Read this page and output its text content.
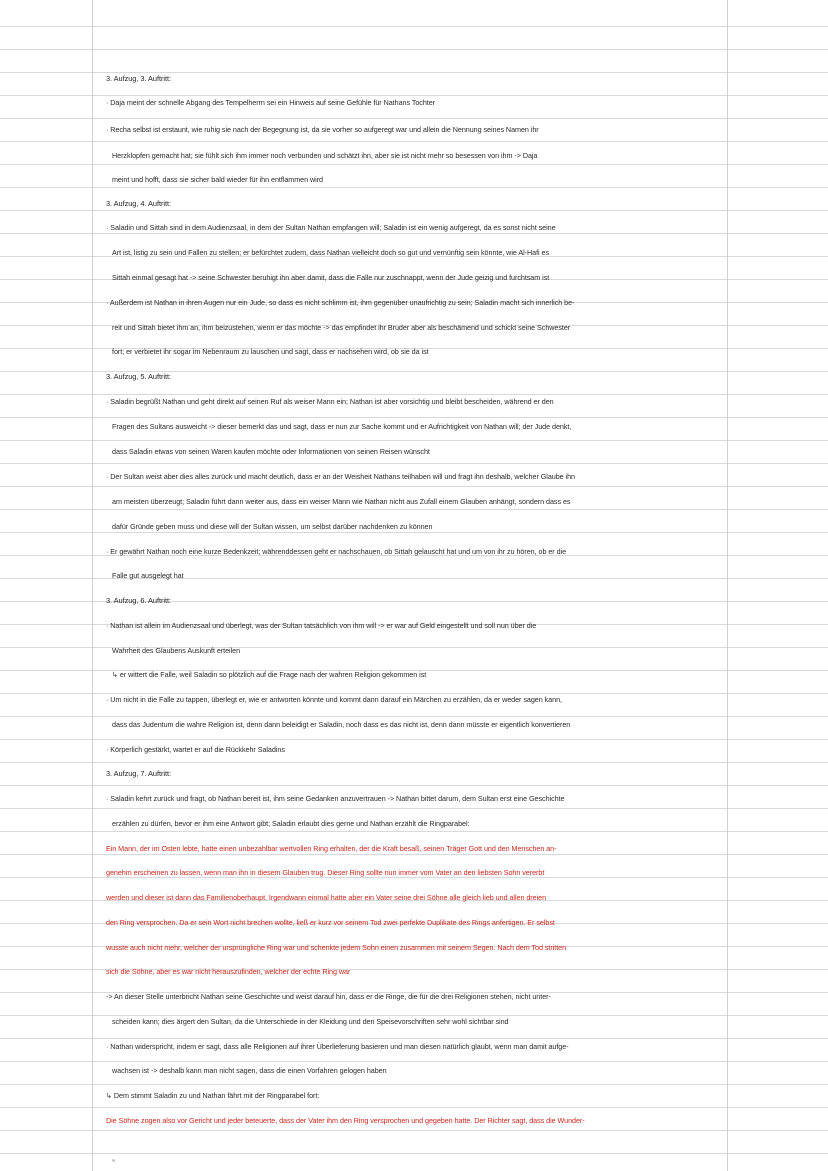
3. Aufzug, 3. Auftritt:
· Daja meint der schnelle Abgang des Tempelherrn sei ein Hinweis auf seine Gefühle für Nathans Tochter
· Recha selbst ist erstaunt, wie ruhig sie nach der Begegnung ist, da sie vorher so aufgeregt war und allein die Nennung seines Namen ihr
Herzklopfen gemacht hat; sie fühlt sich ihm immer noch verbunden und schätzt ihn, aber sie ist nicht mehr so besessen von ihm -> Daja
meint und hofft, dass sie sicher bald wieder für ihn entflammen wird
3. Aufzug, 4. Auftritt:
· Saladin und Sittah sind in dem Audienzsaal, in dem der Sultan Nathan empfangen will; Saladin ist ein wenig aufgeregt, da es sonst nicht seine
Art ist, listig zu sein und Fallen zu stellen; er befürchtet zudem, dass Nathan vielleicht doch so gut und vernünftig sein könnte, wie Al-Hafi es
Sittah einmal gesagt hat -> seine Schwester beruhigt ihn aber damit, dass die Falle nur zuschnappt, wenn der Jude geizig und furchtsam ist
· Außerdem ist Nathan in ihren Augen nur ein Jude, so dass es nicht schlimm ist, ihm gegenüber unaufrichtig zu sein; Saladin macht sich innerlich be-
reit und Sittah bietet ihm an, ihm beizustehen, wenn er das möchte -> das empfindet ihr Bruder aber als beschämend und schickt seine Schwester
fort; er verbietet ihr sogar im Nebenraum zu lauschen und sagt, dass er nachsehen wird, ob sie da ist
3. Aufzug, 5. Auftritt:
· Saladin begrüßt Nathan und geht direkt auf seinen Ruf als weiser Mann ein; Nathan ist aber vorsichtig und bleibt bescheiden, während er den
Fragen des Sultans ausweicht -> dieser bemerkt das und sagt, dass er nun zur Sache kommt und er Aufrichtigkeit von Nathan will; der Jude denkt,
dass Saladin etwas von seinen Waren kaufen möchte oder Informationen von seinen Reisen wünscht
· Der Sultan weist aber dies alles zurück und macht deutlich, dass er an der Weisheit Nathans teilhaben will und fragt ihn deshalb, welcher Glaube ihn
am meisten überzeugt; Saladin führt dann weiter aus, dass ein weiser Mann wie Nathan nicht aus Zufall einem Glauben anhängt, sondern dass es
dafür Gründe geben muss und diese will der Sultan wissen, um selbst darüber nachdenken zu können
· Er gewährt Nathan noch eine kurze Bedenkzeit; währenddessen geht er nachschauen, ob Sittah gelauscht hat und um von ihr zu hören, ob er die
Falle gut ausgelegt hat
3. Aufzug, 6. Auftritt:
· Nathan ist allein im Audienzsaal und überlegt, was der Sultan tatsächlich von ihm will -> er war auf Geld eingestellt und soll nun über die
Wahrheit des Glaubens Auskunft erteilen
↳ er wittert die Falle, weil Saladin so plötzlich auf die Frage nach der wahren Religion gekommen ist
· Um nicht in die Falle zu tappen, überlegt er, wie er antworten könnte und kommt dann darauf ein Märchen zu erzählen, da er weder sagen kann,
dass das Judentum die wahre Religion ist, denn dann beleidigt er Saladin, noch dass es das nicht ist, denn dann müsste er eigentlich konvertieren
· Körperlich gestärkt, wartet er auf die Rückkehr Saladins
3. Aufzug, 7. Auftritt:
· Saladin kehrt zurück und fragt, ob Nathan bereit ist, ihm seine Gedanken anzuvertrauen -> Nathan bittet darum, dem Sultan erst eine Geschichte
erzählen zu dürfen, bevor er ihm eine Antwort gibt; Saladin erlaubt dies gerne und Nathan erzählt die Ringparabel:
Ein Mann, der im Osten lebte, hatte einen unbezahlbar wertvollen Ring erhalten, der die Kraft besaß, seinen Träger Gott und den Menschen an-
genehm erscheinen zu lassen, wenn man ihn in diesem Glauben trug. Dieser Ring sollte nun immer vom Vater an den liebsten Sohn vererbt
werden und dieser ist dann das Familienoberhaupt. Irgendwann einmal hatte aber ein Vater seine drei Söhne alle gleich lieb und allen dreien
den Ring versprochen. Da er sein Wort nicht brechen wollte, ließ er kurz vor seinem Tod zwei perfekte Duplikate des Rings anfertigen. Er selbst
wusste auch nicht mehr, welcher der ursprüngliche Ring war und schenkte jedem Sohn einen zusammen mit seinem Segen. Nach dem Tod stritten
sich die Söhne, aber es war nicht herauszufinden, welcher der echte Ring war
-> An dieser Stelle unterbricht Nathan seine Geschichte und weist darauf hin, dass er die Ringe, die für die drei Religionen stehen, nicht unter-
scheiden kann; dies ärgert den Sultan, da die Unterschiede in der Kleidung und den Speisevorschriften sehr wohl sichtbar sind
· Nathan widerspricht, indem er sagt, dass alle Religionen auf ihrer Überlieferung basieren und man diesen natürlich glaubt, wenn man damit aufge-
wachsen ist -> deshalb kann man nicht sagen, dass die einen Vorfahren gelogen haben
↳ Dem stimmt Saladin zu und Nathan fährt mit der Ringparabel fort:
Die Söhne zogen also vor Gericht und jeder beteuerte, dass der Vater ihm den Ring versprochen und gegeben hatte. Der Richter sagt, dass die Wunder-
